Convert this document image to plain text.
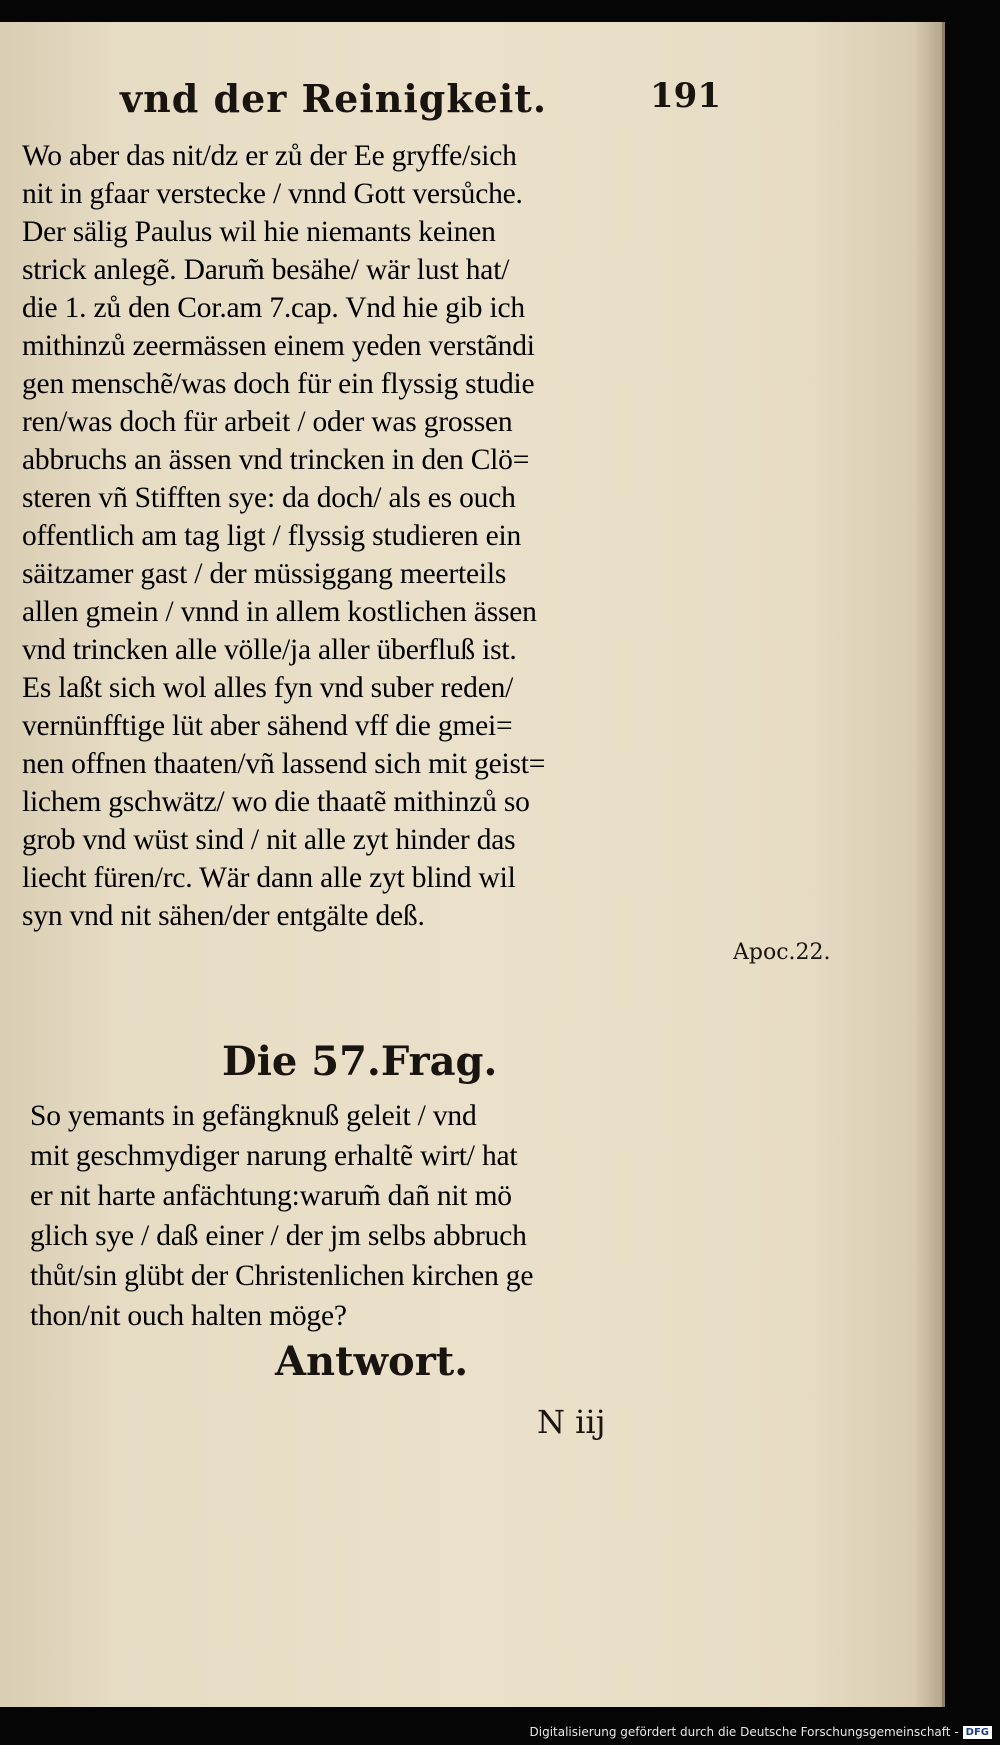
vnd der Reinigkeit.	191
Wo aber das nit/dz er zů der Ee gryffe/sich
nit in gfaar verstecke / vnnd Gott versůche.
Der sälig Paulus wil hie niemants keinen
strick anlegẽ. Darum̃ besähe/ wär lust hat/
die 1. zů den Cor.am 7.cap. Vnd hie gib ich
mithinzů zeermässen einem yeden verstãndi
gen menschẽ/was doch für ein flyssig studie
ren/was doch für arbeit / oder was grossen
abbruchs an ässen vnd trincken in den Clö=
steren vñ Stifften sye: da doch/ als es ouch
offentlich am tag ligt / flyssig studieren ein
säitzamer gast / der müssiggang meerteils
allen gmein / vnnd in allem kostlichen ässen
vnd trincken alle völle/ja aller überfluß ist.
Es laßt sich wol alles fyn vnd suber reden/
vernünfftige lüt aber sähend vff die gmei=
nen offnen thaaten/vñ lassend sich mit geist=
lichem gschwätz/ wo die thaatẽ mithinzů so
grob vnd wüst sind / nit alle zyt hinder das
liecht füren/rc. Wär dann alle zyt blind wil
syn vnd nit sähen/der entgälte deß.
Apoc.22.
Die 57.Frag.
So yemants in gefängknuß geleit / vnd
mit geschmydiger narung erhaltẽ wirt/ hat
er nit harte anfächtung:warum̃ dañ nit mö
glich sye / daß einer / der jm selbs abbruch
thůt/sin glübt der Christenlichen kirchen ge
thon/nit ouch halten möge?
Antwort.
N iij
Digitalisierung gefördert durch die Deutsche Forschungsgemeinschaft - DFG
